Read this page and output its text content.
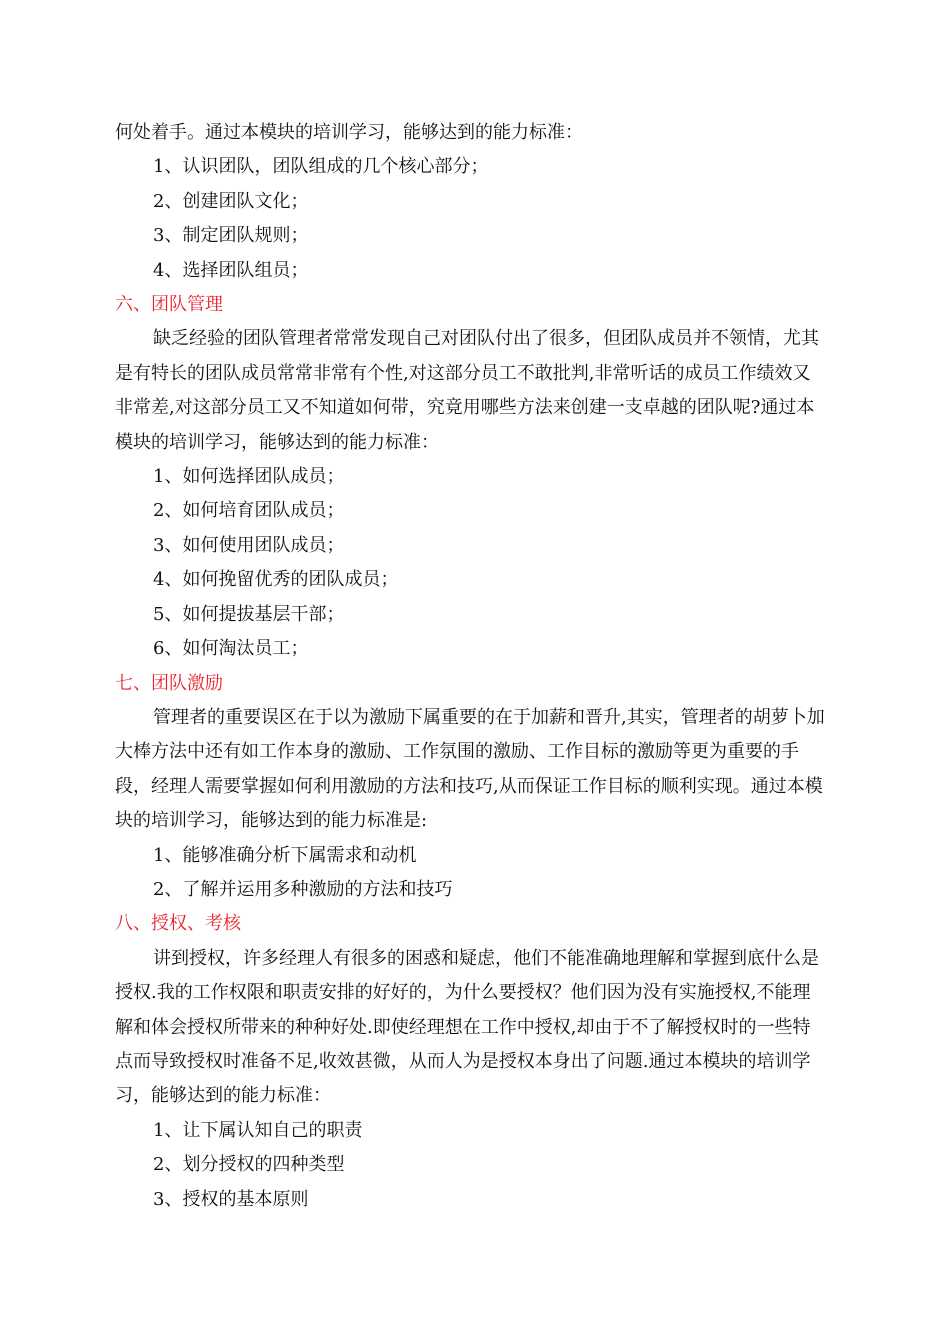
何处着手。通过本模块的培训学习，能够达到的能力标准：

1、认识团队，团队组成的几个核心部分；

2、创建团队文化；

3、制定团队规则；

4、选择团队组员；

六、团队管理

缺乏经验的团队管理者常常发现自己对团队付出了很多，但团队成员并不领情，尤其

是有特长的团队成员常常非常有个性,对这部分员工不敢批判,非常听话的成员工作绩效又

非常差,对这部分员工又不知道如何带，究竟用哪些方法来创建一支卓越的团队呢?通过本

模块的培训学习，能够达到的能力标准：

1、如何选择团队成员；

2、如何培育团队成员；

3、如何使用团队成员；

4、如何挽留优秀的团队成员；

5、如何提拔基层干部；

6、如何淘汰员工；

七、团队激励

管理者的重要误区在于以为激励下属重要的在于加薪和晋升,其实，管理者的胡萝卜加

大棒方法中还有如工作本身的激励、工作氛围的激励、工作目标的激励等更为重要的手

段，经理人需要掌握如何利用激励的方法和技巧,从而保证工作目标的顺利实现。通过本模

块的培训学习，能够达到的能力标准是:

1、能够准确分析下属需求和动机

2、了解并运用多种激励的方法和技巧

八、授权、考核

讲到授权，许多经理人有很多的困惑和疑虑，他们不能准确地理解和掌握到底什么是

授权.我的工作权限和职责安排的好好的，为什么要授权？他们因为没有实施授权,不能理

解和体会授权所带来的种种好处.即使经理想在工作中授权,却由于不了解授权时的一些特

点而导致授权时准备不足,收效甚微，从而人为是授权本身出了问题.通过本模块的培训学

习，能够达到的能力标准：

1、让下属认知自己的职责

2、划分授权的四种类型

3、授权的基本原则
